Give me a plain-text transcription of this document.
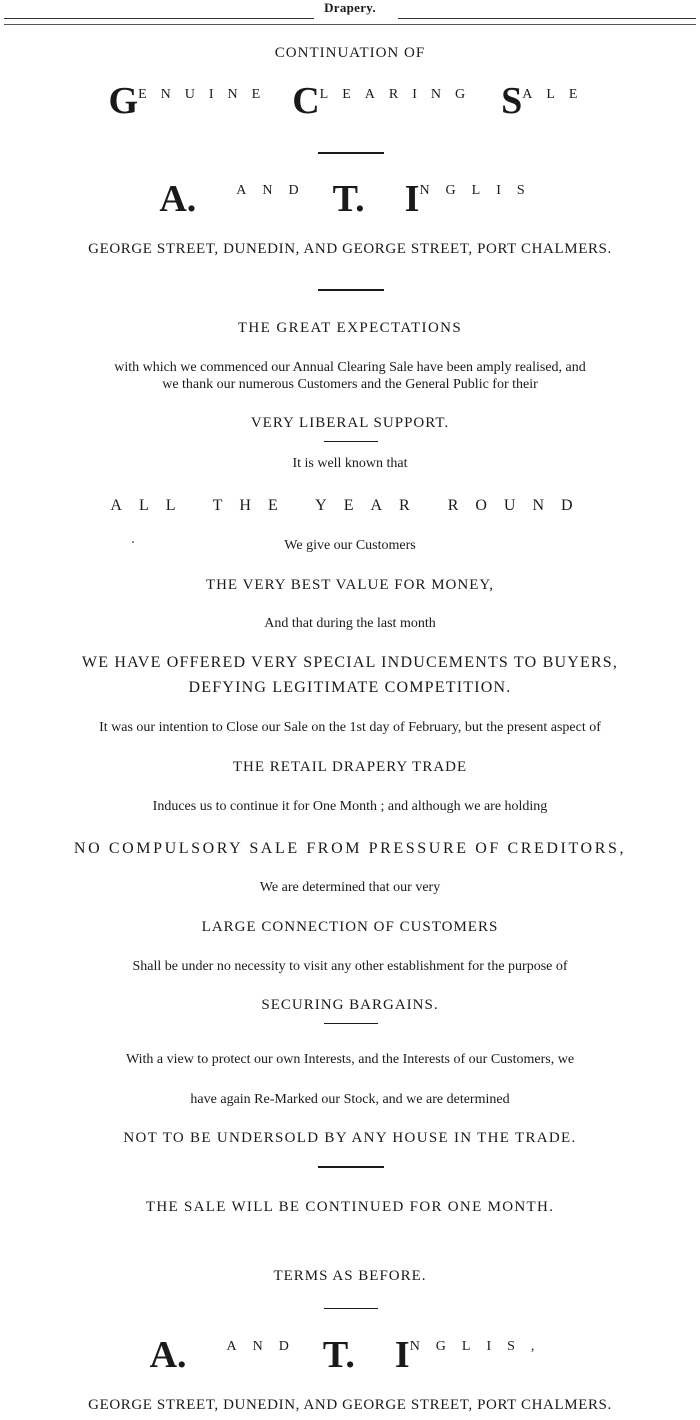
Drapery.
CONTINUATION OF
GENUINE CLEARING SALE
A.	AND T. INGLIS
GEORGE STREET, DUNEDIN, AND GEORGE STREET, PORT CHALMERS.
THE GREAT EXPECTATIONS
with which we commenced our Annual Clearing Sale have been amply realised, and
we thank our numerous Customers and the General Public for their
VERY LIBERAL SUPPORT.
It is well known that
ALL THE YEAR ROUND
We give our Customers
THE VERY BEST VALUE FOR MONEY,
And that during the last month
WE HAVE OFFERED VERY SPECIAL INDUCEMENTS TO BUYERS,
DEFYING LEGITIMATE COMPETITION.
It was our intention to Close our Sale on the 1st day of February, but the present aspect of
THE RETAIL DRAPERY TRADE
Induces us to continue it for One Month ; and although we are holding
NO COMPULSORY SALE FROM PRESSURE OF CREDITORS,
We are determined that our very
LARGE CONNECTION OF CUSTOMERS
Shall be under no necessity to visit any other establishment for the purpose of
SECURING BARGAINS.
With a view to protect our own Interests, and the Interests of our Customers, we
have again Re-Marked our Stock, and we are determined
NOT TO BE UNDERSOLD BY ANY HOUSE IN THE TRADE.
THE SALE WILL BE CONTINUED FOR ONE MONTH.
TERMS AS BEFORE.
A.	AND T. INGLIS,
GEORGE STREET, DUNEDIN, AND GEORGE STREET, PORT CHALMERS.
